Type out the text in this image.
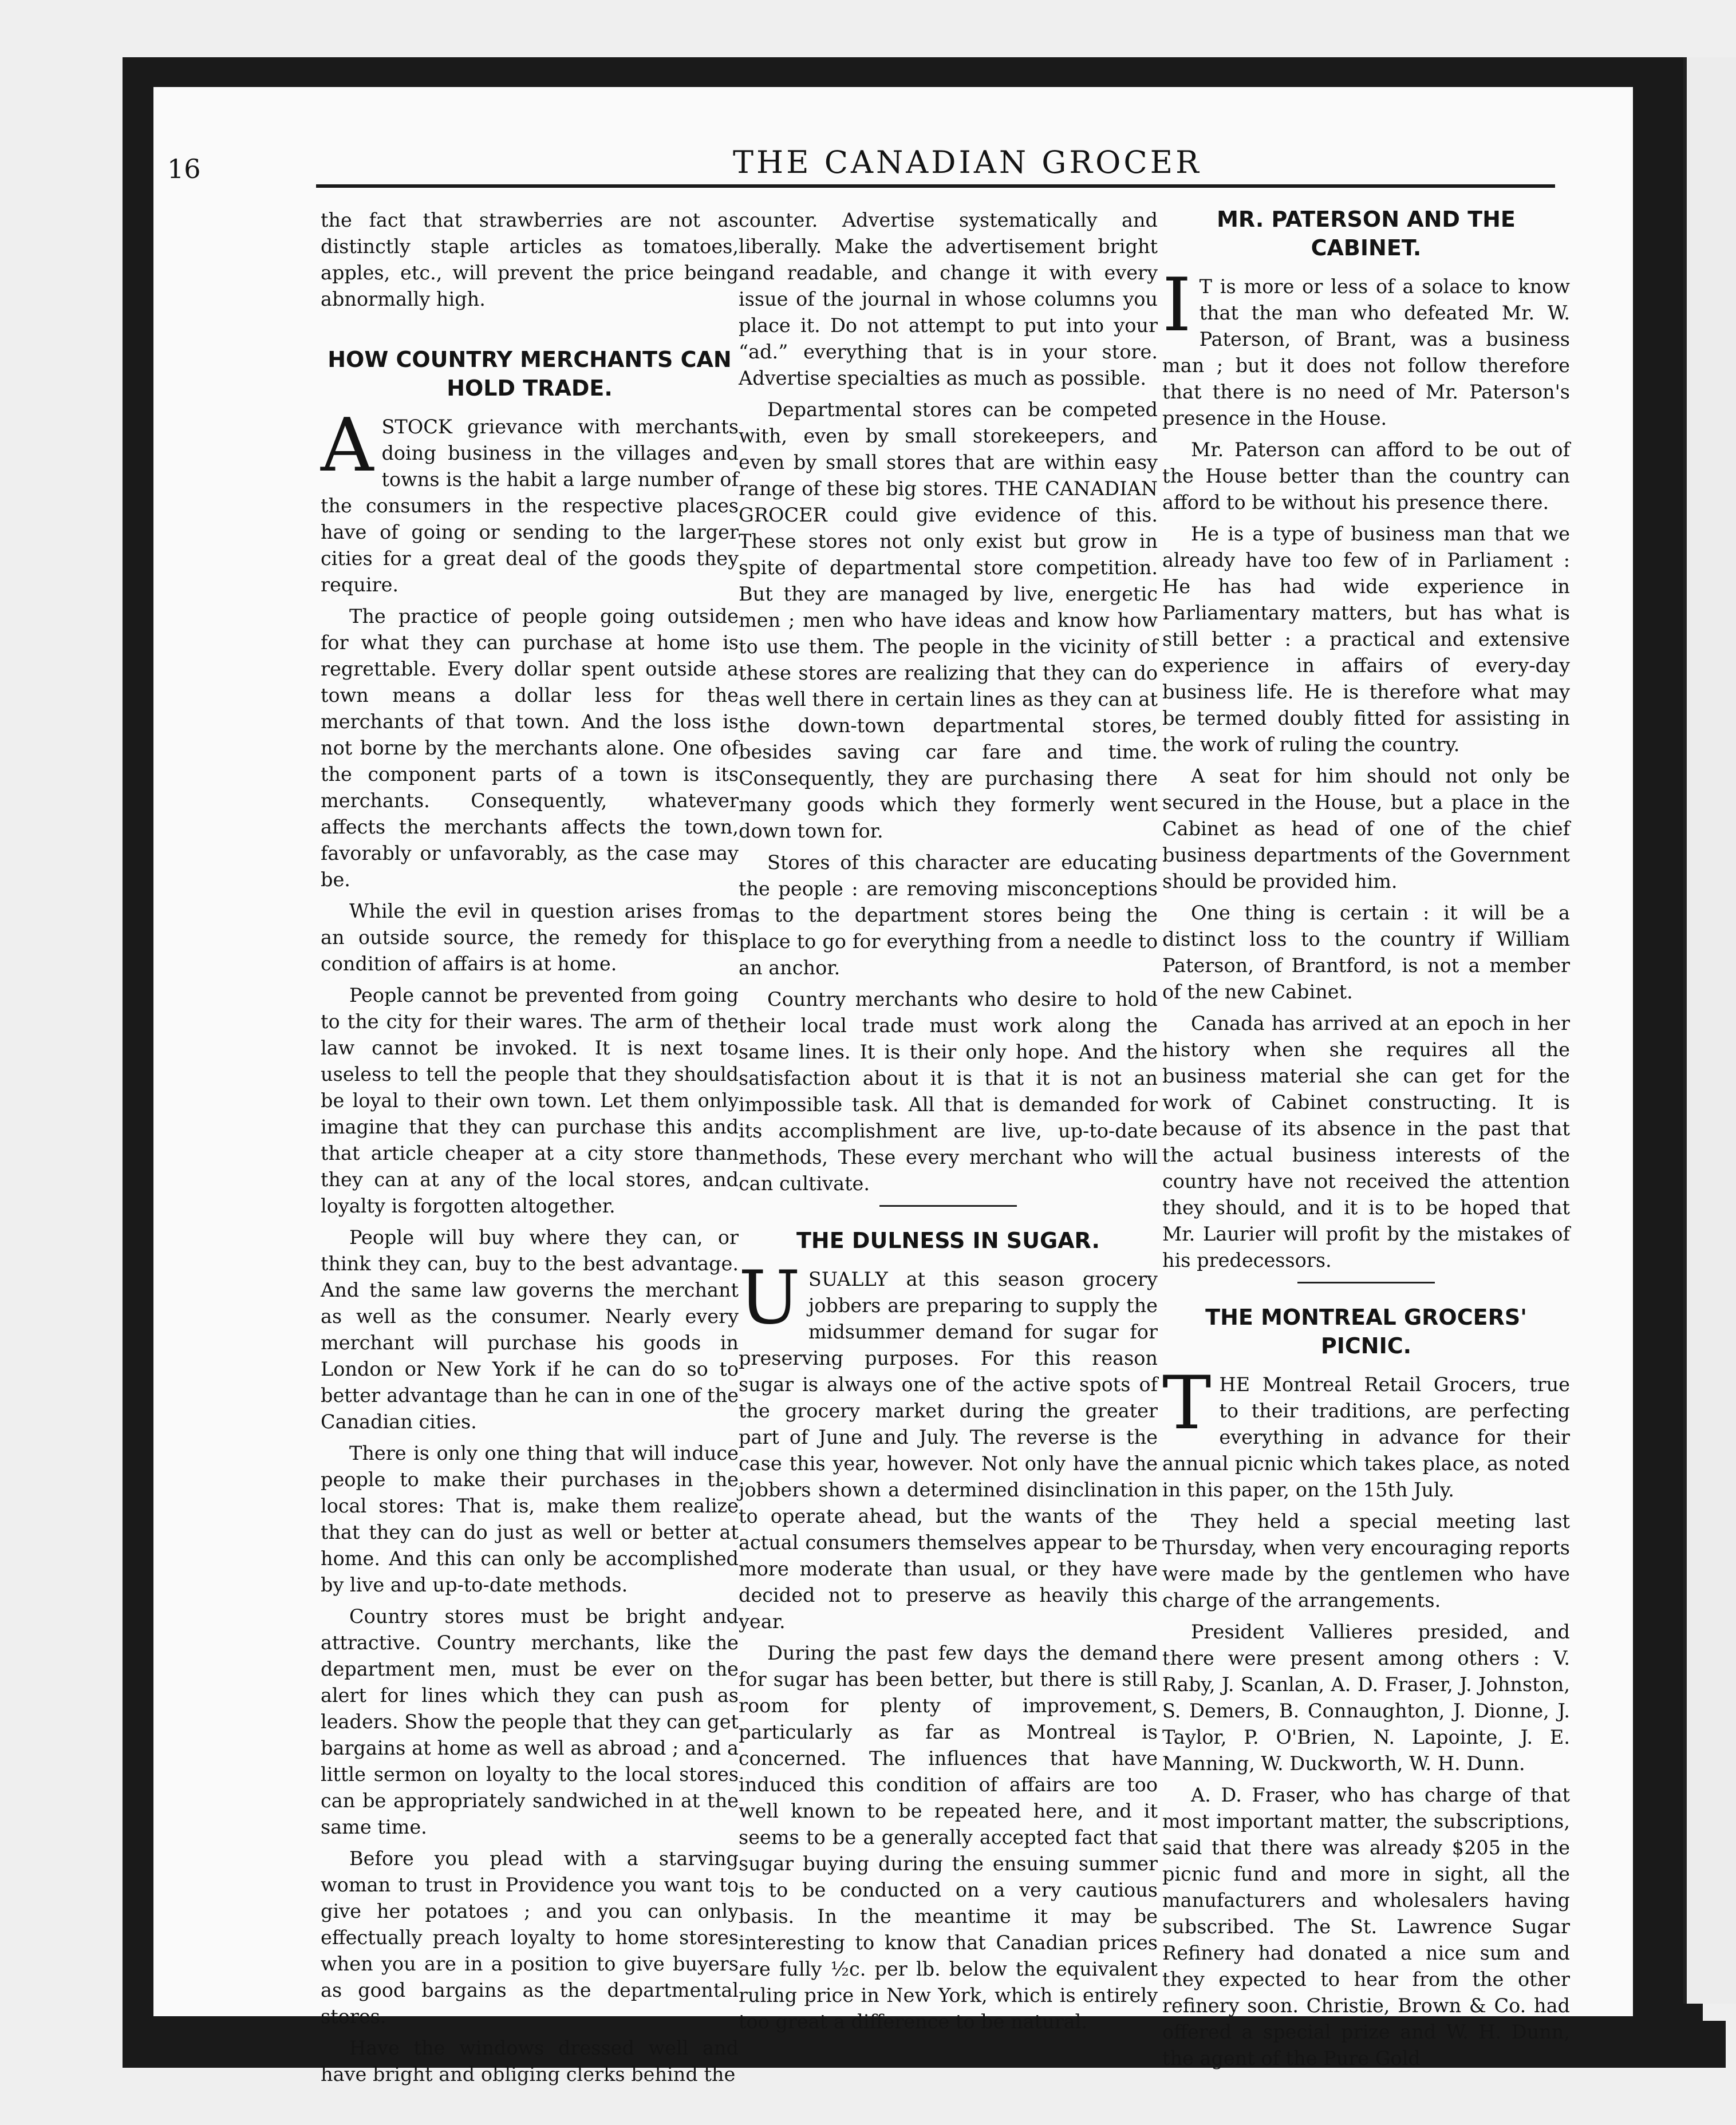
16	THE CANADIAN GROCER

the fact that strawberries are not as distinctly staple articles as tomatoes, apples, etc., will prevent the price being abnormally high.

HOW COUNTRY MERCHANTS CAN HOLD TRADE.

ASTOCK grievance with merchants doing business in the villages and towns is the habit a large number of the consumers in the respective places have of going or sending to the larger cities for a great deal of the goods they require.

The practice of people going outside for what they can purchase at home is regrettable. Every dollar spent outside a town means a dollar less for the merchants of that town. And the loss is not borne by the merchants alone. One of the component parts of a town is its merchants. Consequently, whatever affects the merchants affects the town, favorably or unfavorably, as the case may be.

While the evil in question arises from an outside source, the remedy for this condition of affairs is at home.

People cannot be prevented from going to the city for their wares. The arm of the law cannot be invoked. It is next to useless to tell the people that they should be loyal to their own town. Let them only imagine that they can purchase this and that article cheaper at a city store than they can at any of the local stores, and loyalty is forgotten altogether.

People will buy where they can, or think they can, buy to the best advantage. And the same law governs the merchant as well as the consumer. Nearly every merchant will purchase his goods in London or New York if he can do so to better advantage than he can in one of the Canadian cities.

There is only one thing that will induce people to make their purchases in the local stores: That is, make them realize that they can do just as well or better at home. And this can only be accomplished by live and up-to-date methods.

Country stores must be bright and attractive. Country merchants, like the department men, must be ever on the alert for lines which they can push as leaders. Show the people that they can get bargains at home as well as abroad ; and a little sermon on loyalty to the local stores can be appropriately sandwiched in at the same time.

Before you plead with a starving woman to trust in Providence you want to give her potatoes ; and you can only effectually preach loyalty to home stores when you are in a position to give buyers as good bargains as the departmental stores.

Have the windows dressed well and have bright and obliging clerks behind the

counter. Advertise systematically and liberally. Make the advertisement bright and readable, and change it with every issue of the journal in whose columns you place it. Do not attempt to put into your “ad.” everything that is in your store. Advertise specialties as much as possible.

Departmental stores can be competed with, even by small storekeepers, and even by small stores that are within easy range of these big stores. THE CANADIAN GROCER could give evidence of this. These stores not only exist but grow in spite of departmental store competition. But they are managed by live, energetic men ; men who have ideas and know how to use them. The people in the vicinity of these stores are realizing that they can do as well there in certain lines as they can at the down-town departmental stores, besides saving car fare and time. Consequently, they are purchasing there many goods which they formerly went down town for.

Stores of this character are educating the people : are removing misconceptions as to the department stores being the place to go for everything from a needle to an anchor.

Country merchants who desire to hold their local trade must work along the same lines. It is their only hope. And the satisfaction about it is that it is not an impossible task. All that is demanded for its accomplishment are live, up-to-date methods, These every merchant who will can cultivate.

THE DULNESS IN SUGAR.

USUALLY at this season grocery jobbers are preparing to supply the midsummer demand for sugar for preserving purposes. For this reason sugar is always one of the active spots of the grocery market during the greater part of June and July. The reverse is the case this year, however. Not only have the jobbers shown a determined disinclination to operate ahead, but the wants of the actual consumers themselves appear to be more moderate than usual, or they have decided not to preserve as heavily this year.

During the past few days the demand for sugar has been better, but there is still room for plenty of improvement, particularly as far as Montreal is concerned. The influences that have induced this condition of affairs are too well known to be repeated here, and it seems to be a generally accepted fact that sugar buying during the ensuing summer is to be conducted on a very cautious basis. In the meantime it may be interesting to know that Canadian prices are fully ½c. per lb. below the equivalent ruling price in New York, which is entirely too great a difference to be natural.

MR. PATERSON AND THE CABINET.

I T is more or less of a solace to know that the man who defeated Mr. W. Paterson, of Brant, was a business man ; but it does not follow therefore that there is no need of Mr. Paterson's presence in the House.

Mr. Paterson can afford to be out of the House better than the country can afford to be without his presence there.

He is a type of business man that we already have too few of in Parliament : He has had wide experience in Parliamentary matters, but has what is still better : a practical and extensive experience in affairs of every-day business life. He is therefore what may be termed doubly fitted for assisting in the work of ruling the country.

A seat for him should not only be secured in the House, but a place in the Cabinet as head of one of the chief business departments of the Government should be provided him.

One thing is certain : it will be a distinct loss to the country if William Paterson, of Brantford, is not a member of the new Cabinet.

Canada has arrived at an epoch in her history when she requires all the business material she can get for the work of Cabinet constructing. It is because of its absence in the past that the actual business interests of the country have not received the attention they should, and it is to be hoped that Mr. Laurier will profit by the mistakes of his predecessors.

THE MONTREAL GROCERS' PICNIC.

THE Montreal Retail Grocers, true to their traditions, are perfecting everything in advance for their annual picnic which takes place, as noted in this paper, on the 15th July.

They held a special meeting last Thursday, when very encouraging reports were made by the gentlemen who have charge of the arrangements.

President Vallieres presided, and there were present among others : V. Raby, J. Scanlan, A. D. Fraser, J. Johnston, S. Demers, B. Connaughton, J. Dionne, J. Taylor, P. O'Brien, N. Lapointe, J. E. Manning, W. Duckworth, W. H. Dunn.

A. D. Fraser, who has charge of that most important matter, the subscriptions, said that there was already $205 in the picnic fund and more in sight, all the manufacturers and wholesalers having subscribed. The St. Lawrence Sugar Refinery had donated a nice sum and they expected to hear from the other refinery soon. Christie, Brown & Co. had offered a special prize and W. H. Dunn, the agent of the Pure Gold
